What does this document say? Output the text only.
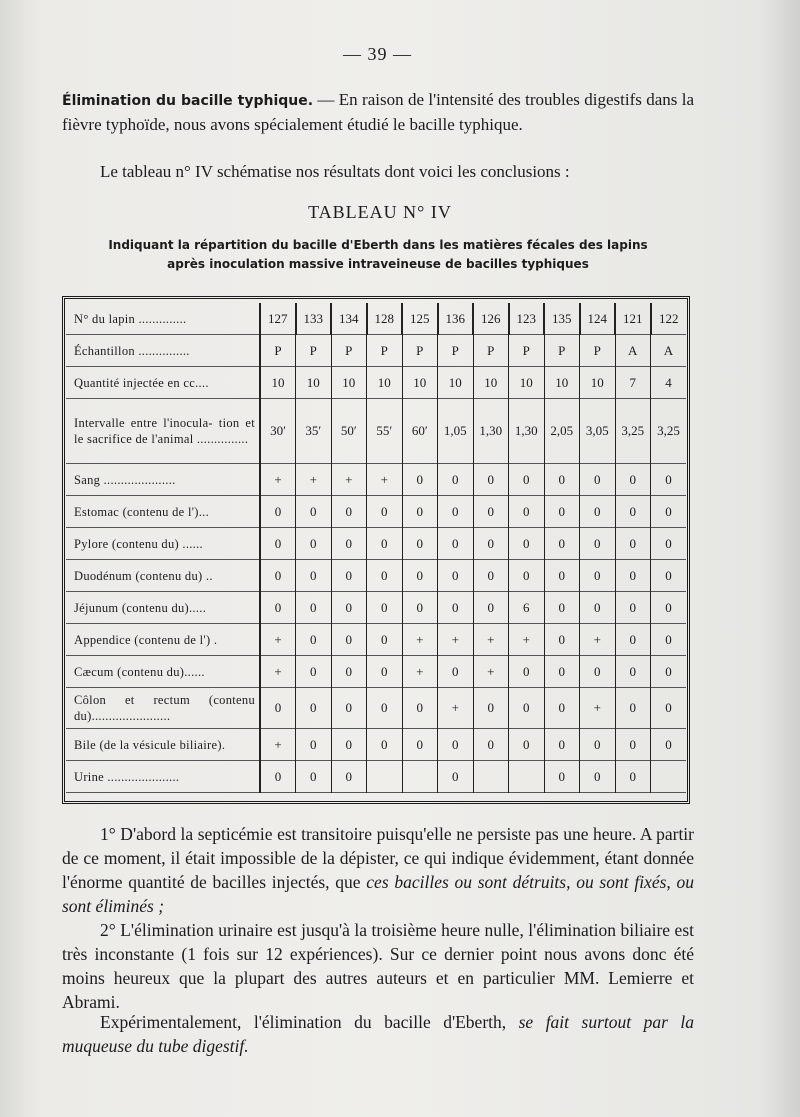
— 39 —
Élimination du bacille typhique. — En raison de l'intensité des troubles digestifs dans la fièvre typhoïde, nous avons spécialement étudié le bacille typhique.
Le tableau n° IV schématise nos résultats dont voici les conclusions :
TABLEAU N° IV
Indiquant la répartition du bacille d'Eberth dans les matières fécales des lapins
après inoculation massive intraveineuse de bacilles typhiques
N° du lapin ..............	127	133	134	128	125	136	126	123	135	124	121	122
Échantillon ...............	P	P	P	P	P	P	P	P	P	P	A	A
Quantité injectée en cc....	10	10	10	10	10	10	10	10	10	10	7	4
Intervalle entre l'inocula- tion et le sacrifice de l'animal ...............	30′	35′	50′	55′	60′	1,05	1,30	1,30	2,05	3,05	3,25	3,25
Sang .....................	+	+	+	+	0	0	0	0	0	0	0	0
Estomac (contenu de l')...	0	0	0	0	0	0	0	0	0	0	0	0
Pylore (contenu du) ......	0	0	0	0	0	0	0	0	0	0	0	0
Duodénum (contenu du) ..	0	0	0	0	0	0	0	0	0	0	0	0
Jéjunum (contenu du).....	0	0	0	0	0	0	0	6	0	0	0	0
Appendice (contenu de l') .	+	0	0	0	+	+	+	+	0	+	0	0
Cæcum (contenu du)......	+	0	0	0	+	0	+	0	0	0	0	0
Côlon et rectum (contenu du).......................	0	0	0	0	0	+	0	0	0	+	0	0
Bile (de la vésicule biliaire).	+	0	0	0	0	0	0	0	0	0	0	0
Urine .....................	0	0	0			0			0	0	0	
1° D'abord la septicémie est transitoire puisqu'elle ne persiste pas une heure. A partir de ce moment, il était impossible de la dépister, ce qui indique évidemment, étant donnée l'énorme quantité de bacilles injectés, que ces bacilles ou sont détruits, ou sont fixés, ou sont éliminés ;
2° L'élimination urinaire est jusqu'à la troisième heure nulle, l'élimination biliaire est très inconstante (1 fois sur 12 expériences). Sur ce dernier point nous avons donc été moins heureux que la plupart des autres auteurs et en particulier MM. Lemierre et Abrami.
Expérimentalement, l'élimination du bacille d'Eberth, se fait surtout par la muqueuse du tube digestif.
